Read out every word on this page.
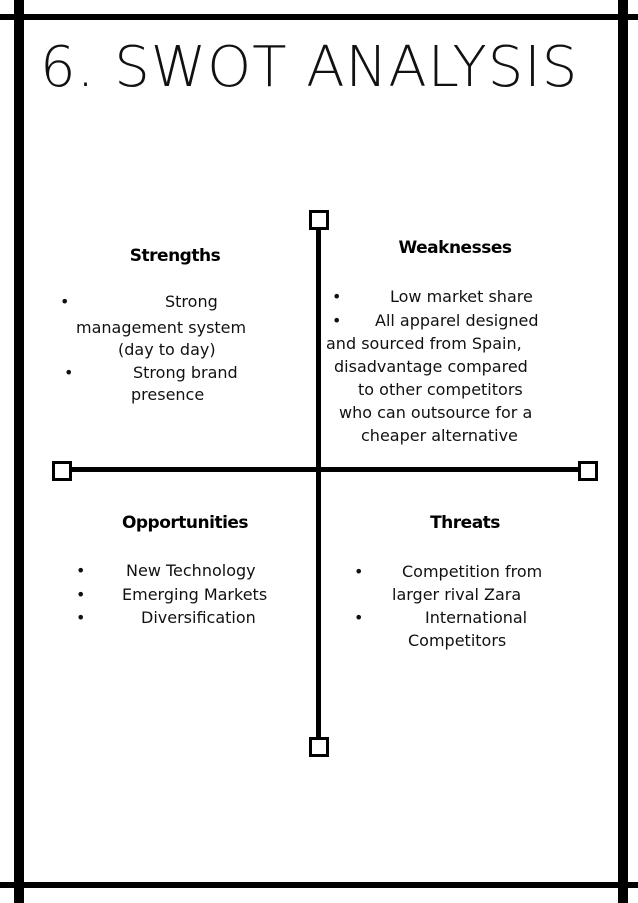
6. SWOT ANALYSIS
Strengths
•	Strong
management system
(day to day)
•	Strong brand
presence
Weaknesses
•	Low market share
• All apparel designed
and sourced from Spain,
disadvantage compared
to other competitors
who can outsource for a
cheaper alternative
Opportunities
•	New Technology
• Emerging Markets
•	Diversification
Threats
• Competition from
larger rival Zara
•	International
Competitors
